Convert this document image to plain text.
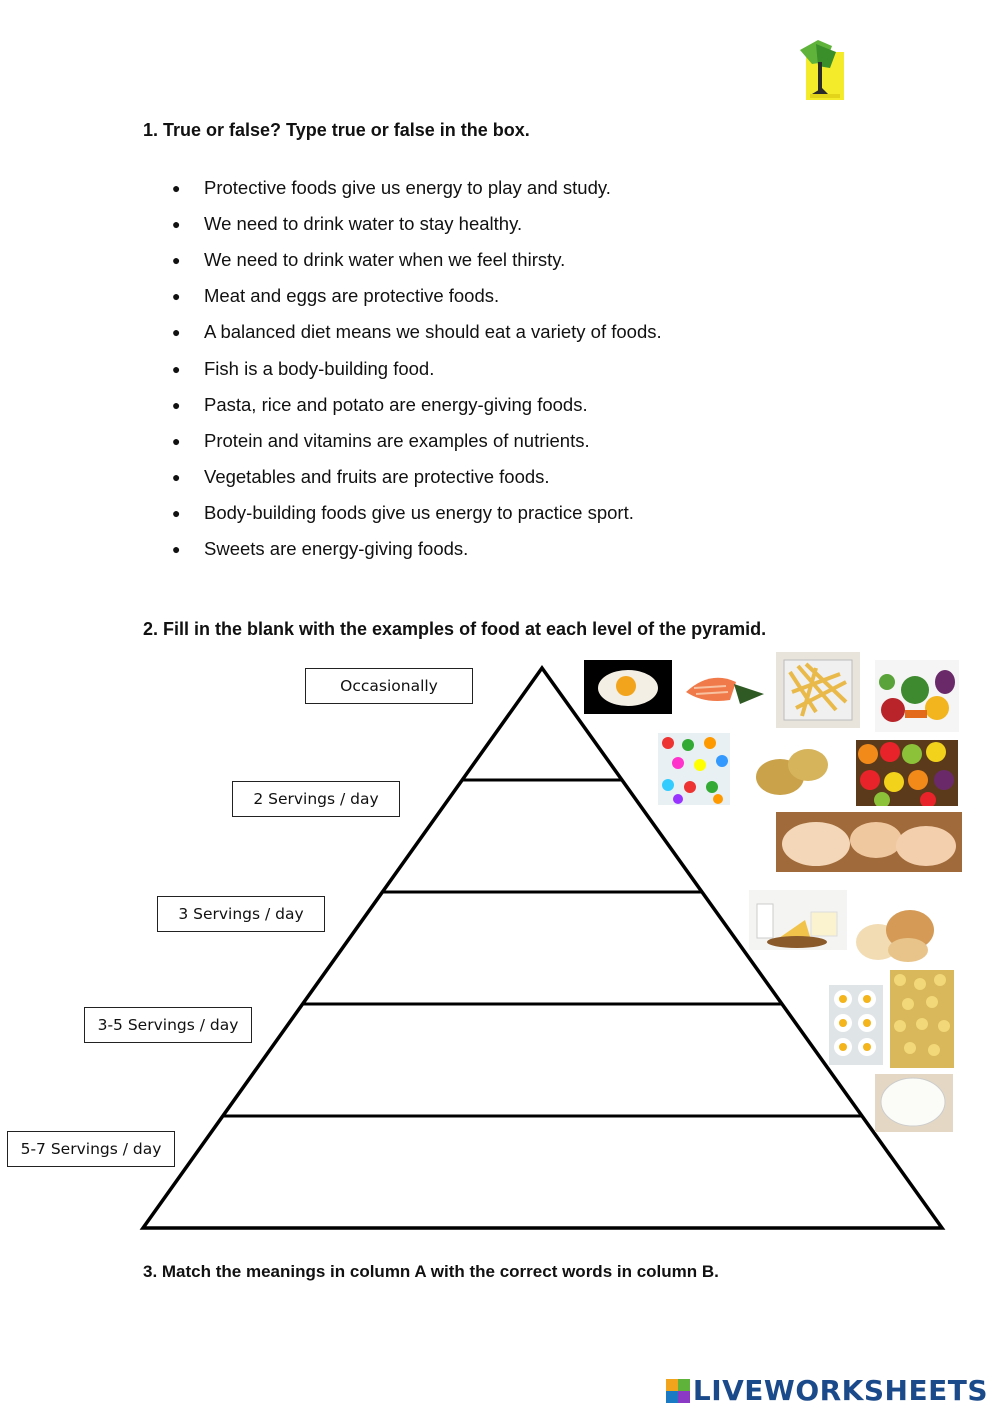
1. True or false? Type true or false in the box.
●	Protective foods give us energy to play and study.
●	We need to drink water to stay healthy.
●	We need to drink water when we feel thirsty.
●	Meat and eggs are protective foods.
●	A balanced diet means we should eat a variety of foods.
●	Fish is a body-building food.
●	Pasta, rice and potato are energy-giving foods.
●	Protein and vitamins are examples of nutrients.
●	Vegetables and fruits are protective foods.
●	Body-building foods give us energy to practice sport.
●	Sweets are energy-giving foods.
2. Fill in the blank with the examples of food at each level of the pyramid.
Occasionally
2 Servings / day
3 Servings / day
3-5 Servings / day
5-7 Servings / day
3. Match the meanings in column A with the correct words in column B.
LIVEWORKSHEETS
